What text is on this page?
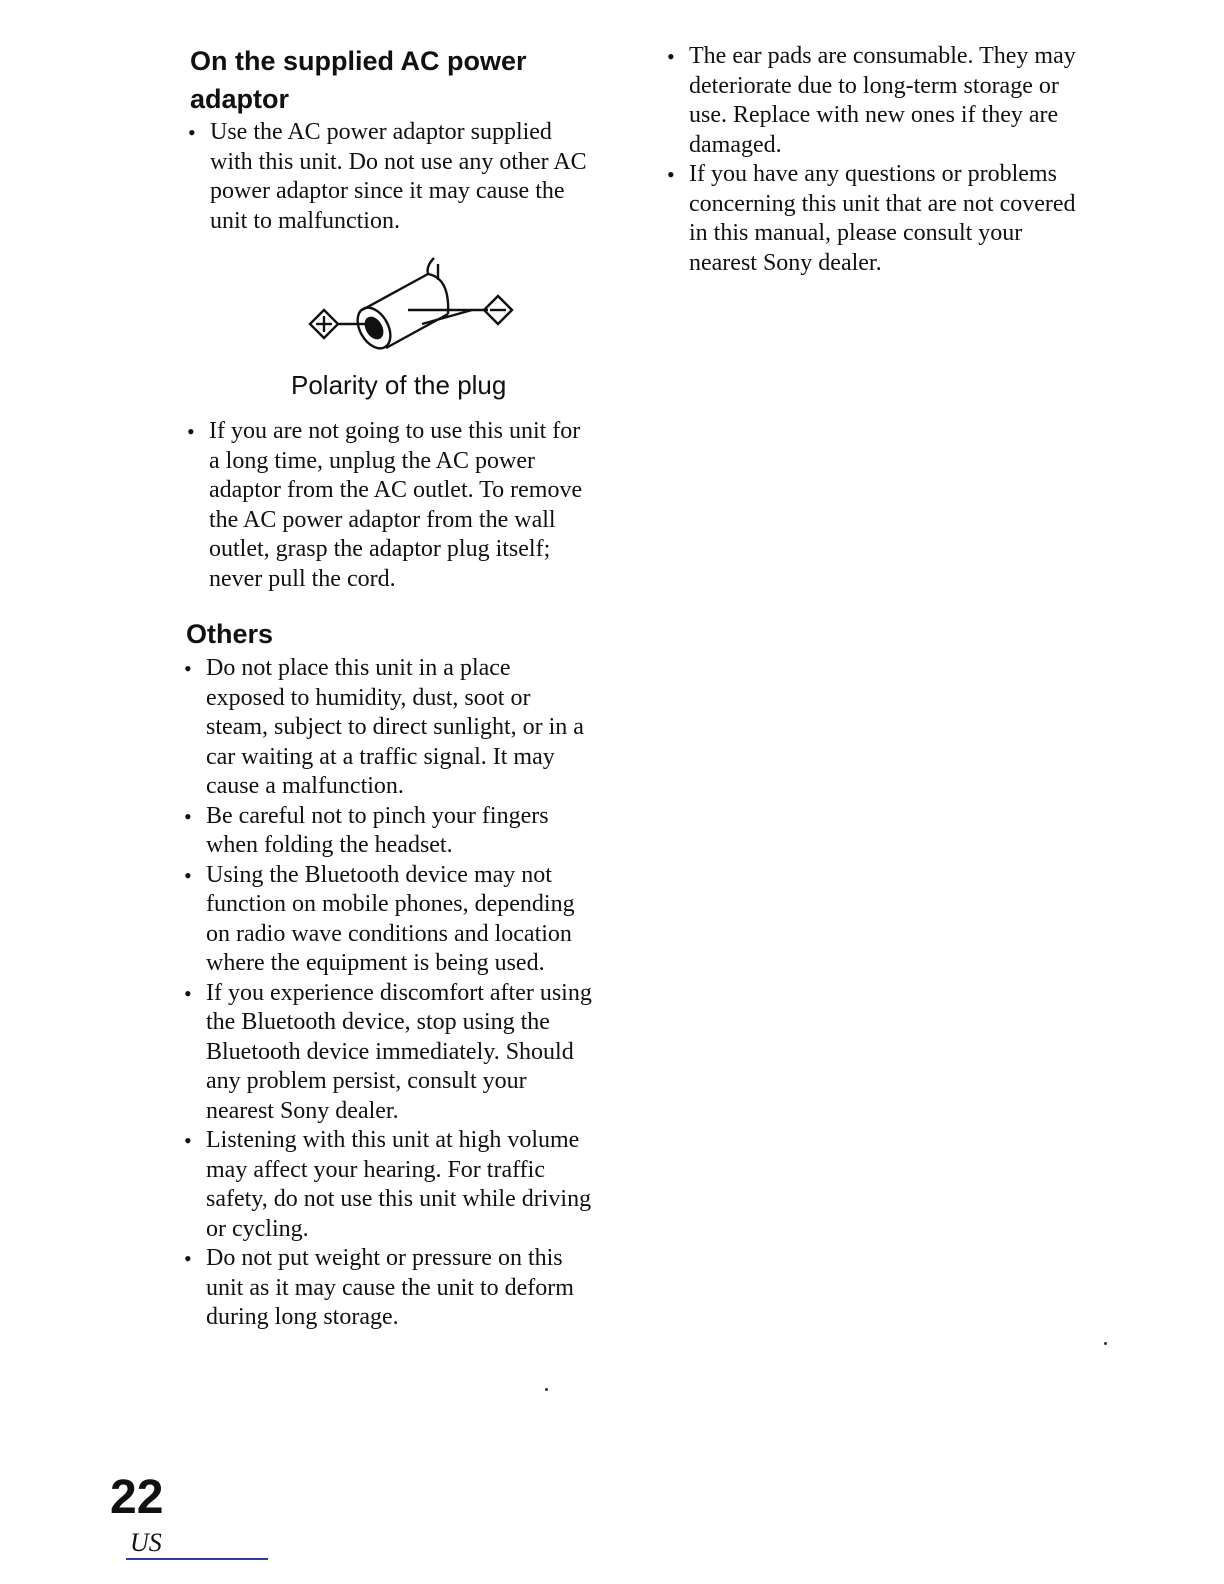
On the supplied AC power
adaptor
• Use the AC power adaptor supplied
with this unit. Do not use any other AC
power adaptor since it may cause the
unit to malfunction.
Polarity of the plug
• If you are not going to use this unit for
a long time, unplug the AC power
adaptor from the AC outlet. To remove
the AC power adaptor from the wall
outlet, grasp the adaptor plug itself;
never pull the cord.
Others
• Do not place this unit in a place
exposed to humidity, dust, soot or
steam, subject to direct sunlight, or in a
car waiting at a traffic signal. It may
cause a malfunction.
• Be careful not to pinch your fingers
when folding the headset.
• Using the Bluetooth device may not
function on mobile phones, depending
on radio wave conditions and location
where the equipment is being used.
• If you experience discomfort after using
the Bluetooth device, stop using the
Bluetooth device immediately. Should
any problem persist, consult your
nearest Sony dealer.
• Listening with this unit at high volume
may affect your hearing. For traffic
safety, do not use this unit while driving
or cycling.
• Do not put weight or pressure on this
unit as it may cause the unit to deform
during long storage.
• The ear pads are consumable. They may
deteriorate due to long-term storage or
use. Replace with new ones if they are
damaged.
• If you have any questions or problems
concerning this unit that are not covered
in this manual, please consult your
nearest Sony dealer.
22
US
